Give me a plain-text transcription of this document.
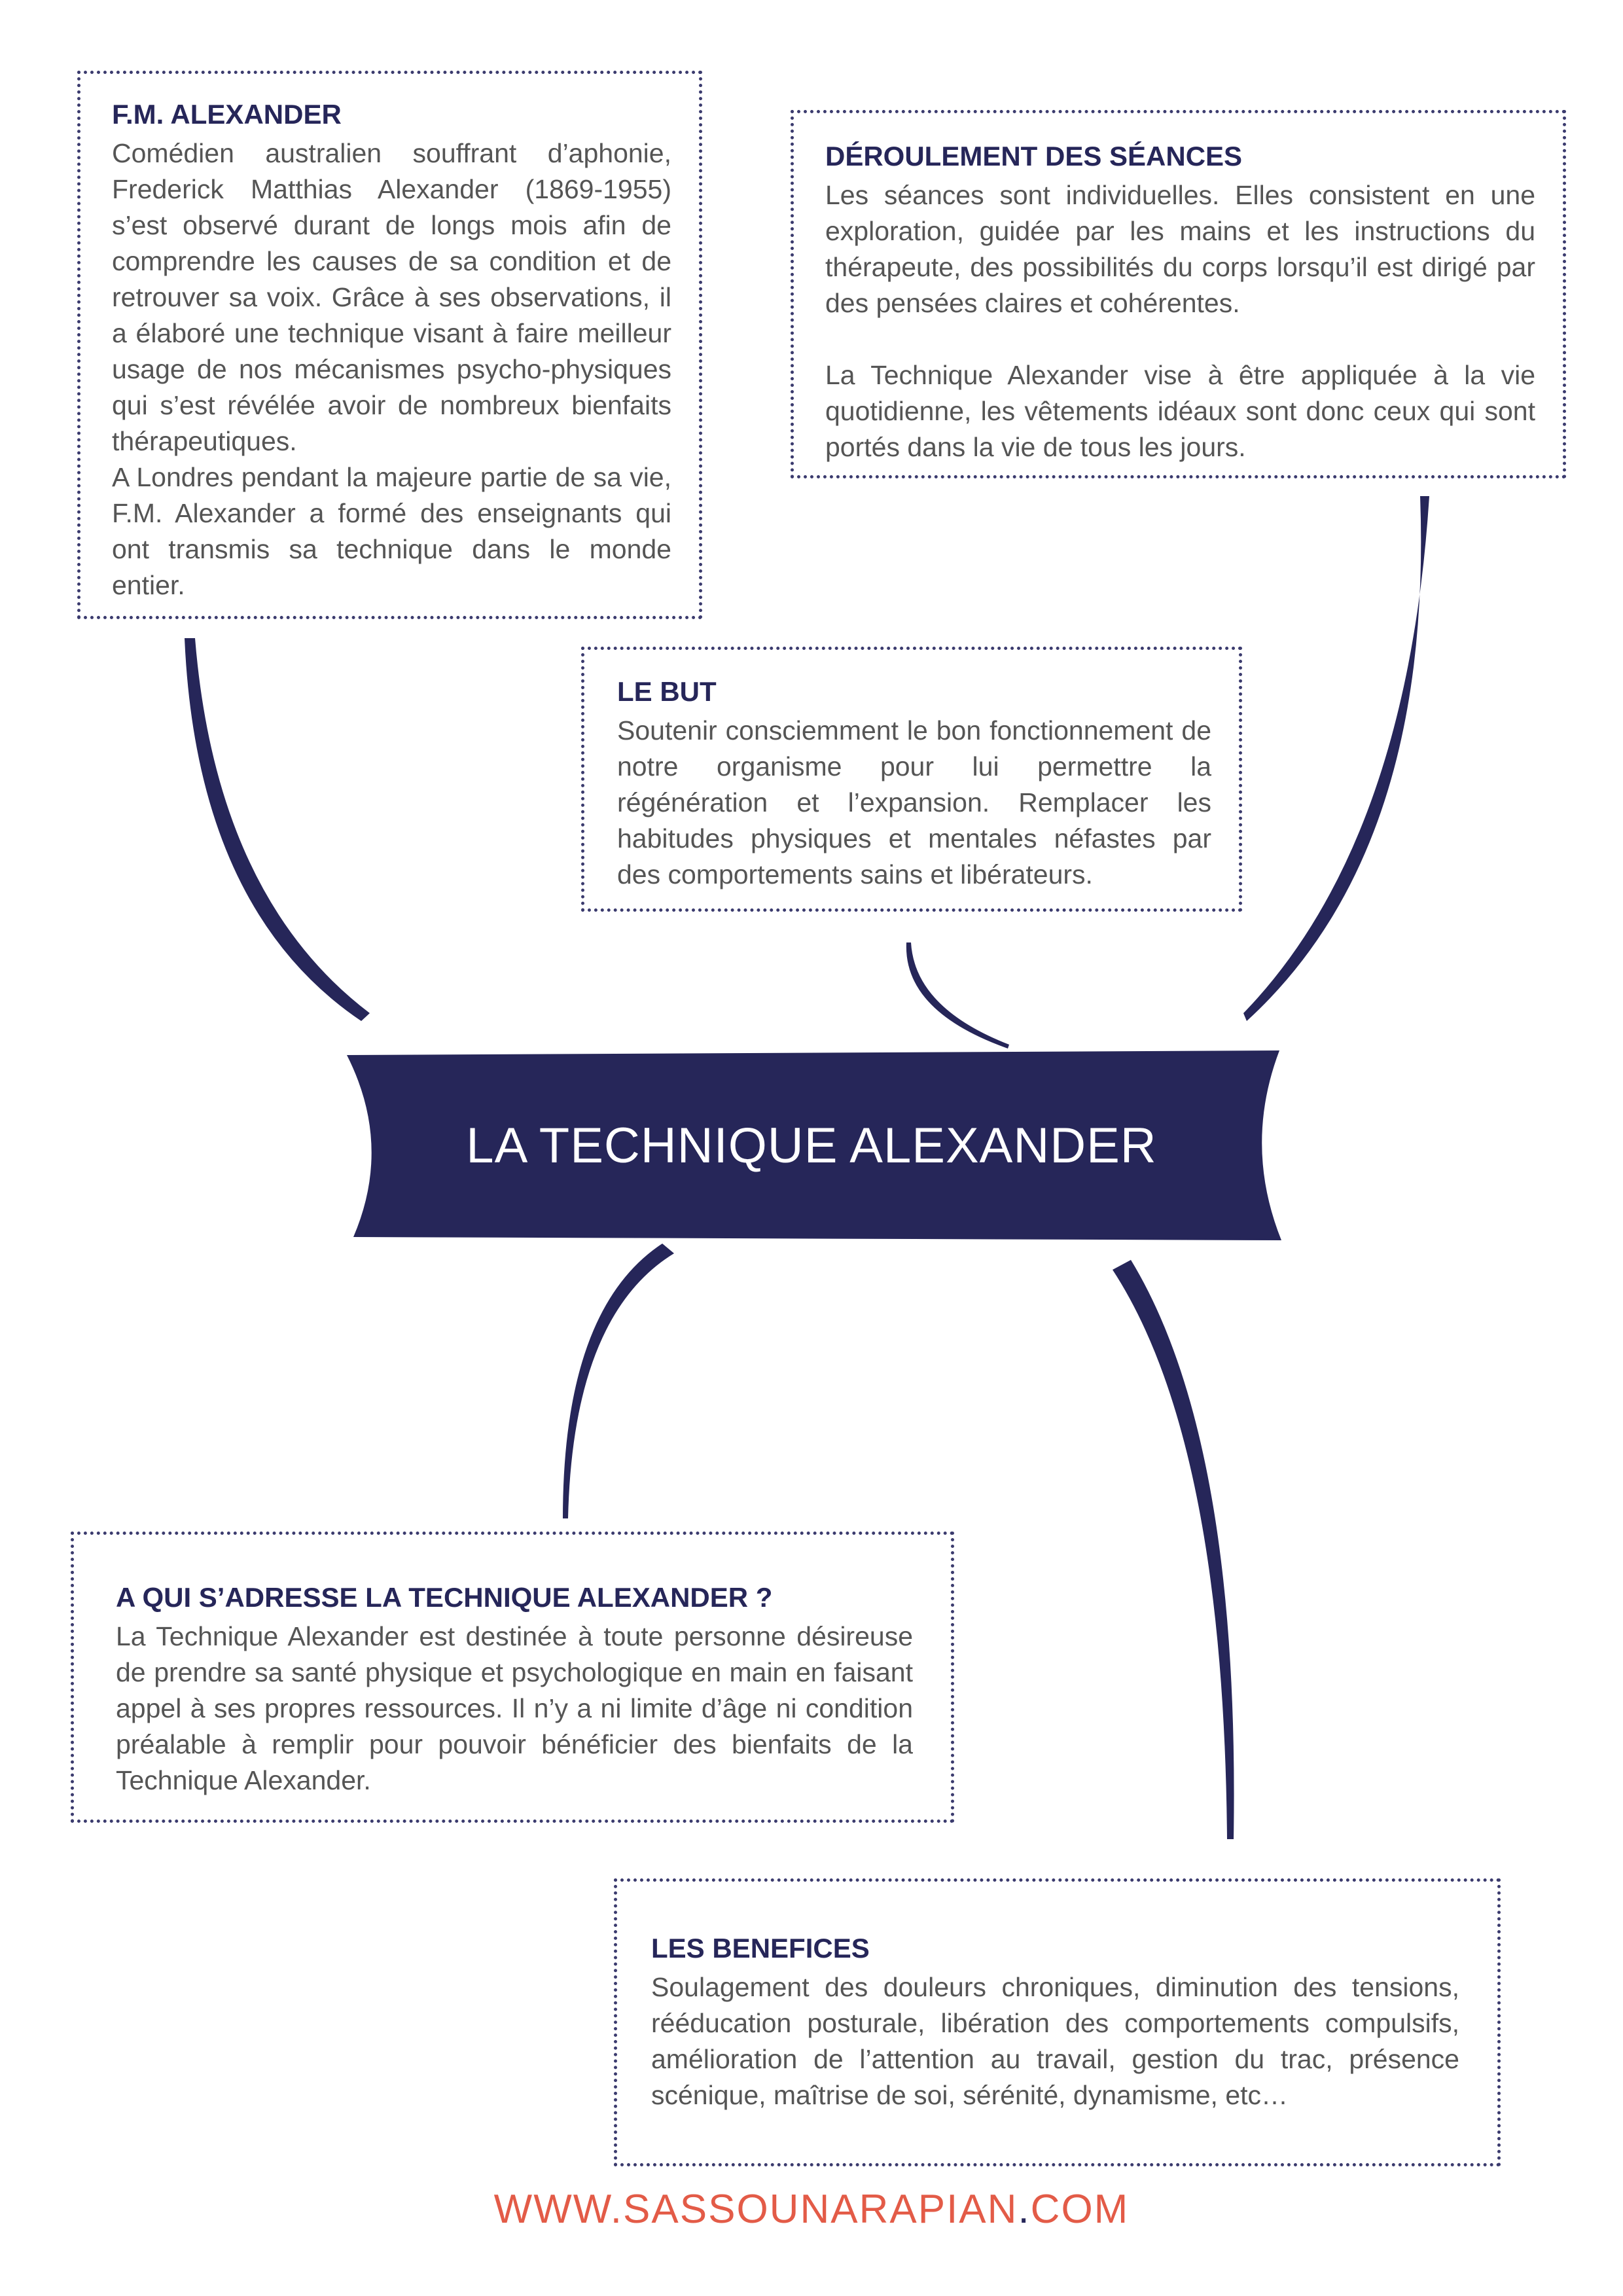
LA TECHNIQUE ALEXANDER
F.M. ALEXANDER

Comédien australien souffrant d’aphonie, Frederick Matthias Alexander (1869-1955) s’est observé durant de longs mois afin de comprendre les causes de sa condition et de retrouver sa voix. Grâce à ses observations, il a élaboré une technique visant à faire meilleur usage de nos mécanismes psycho-physiques qui s’est révélée avoir de nombreux bienfaits thérapeutiques.

A Londres pendant la majeure partie de sa vie, F.M. Alexander a formé des enseignants qui ont transmis sa technique dans le monde entier.

DÉROULEMENT DES SÉANCES

Les séances sont individuelles. Elles consistent en une exploration, guidée par les mains et les instructions du thérapeute, des possibilités du corps lorsqu’il est dirigé par des pensées claires et cohérentes.

La Technique Alexander vise à être appliquée à la vie quotidienne, les vêtements idéaux sont donc ceux qui sont portés dans la vie de tous les jours.

LE BUT

Soutenir consciemment le bon fonctionnement de notre organisme pour lui permettre la régénération et l’expansion. Remplacer les habitudes physiques et mentales néfastes par des comportements sains et libérateurs.

A QUI S’ADRESSE LA TECHNIQUE ALEXANDER ?

La Technique Alexander est destinée à toute personne désireuse de prendre sa santé physique et psychologique en main en faisant appel à ses propres ressources. Il n’y a ni limite d’âge ni condition préalable à remplir pour pouvoir bénéficier des bienfaits de la Technique Alexander.

LES BENEFICES

Soulagement des douleurs chroniques, diminution des tensions, rééducation posturale, libération des comportements compulsifs, amélioration de l’attention au travail, gestion du trac, présence scénique, maîtrise de soi, sérénité, dynamisme, etc…

WWW.SASSOUNARAPIAN.COM
